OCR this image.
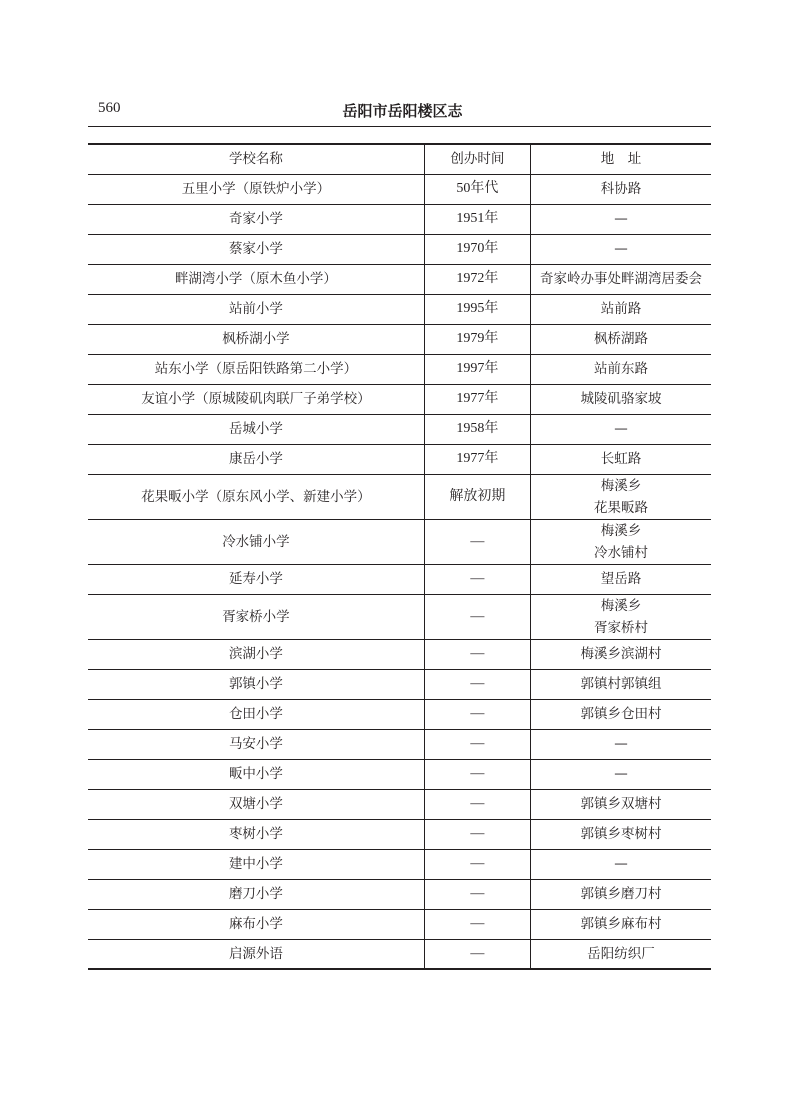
560	岳阳市岳阳楼区志
学校名称	创办时间	地　址
五里小学（原铁炉小学）	50年代	科协路

奇家小学	1951年	—

蔡家小学	1970年	—

畔湖湾小学（原木鱼小学）	1972年	奇家岭办事处畔湖湾居委会

站前小学	1995年	站前路

枫桥湖小学	1979年	枫桥湖路

站东小学（原岳阳铁路第二小学）	1997年	站前东路

友谊小学（原城陵矶肉联厂子弟学校）	1977年	城陵矶骆家坡

岳城小学	1958年	—

康岳小学	1977年	长虹路

花果畈小学（原东风小学、新建小学）	解放初期	梅溪乡
花果畈路

冷水铺小学	—	梅溪乡
冷水铺村

延寿小学	—	望岳路

胥家桥小学	—	梅溪乡
胥家桥村

滨湖小学	—	梅溪乡滨湖村

郭镇小学	—	郭镇村郭镇组

仓田小学	—	郭镇乡仓田村

马安小学	—	—

畈中小学	—	—

双塘小学	—	郭镇乡双塘村

枣树小学	—	郭镇乡枣树村

建中小学	—	—

磨刀小学	—	郭镇乡磨刀村

麻布小学	—	郭镇乡麻布村

启源外语	—	岳阳纺织厂
